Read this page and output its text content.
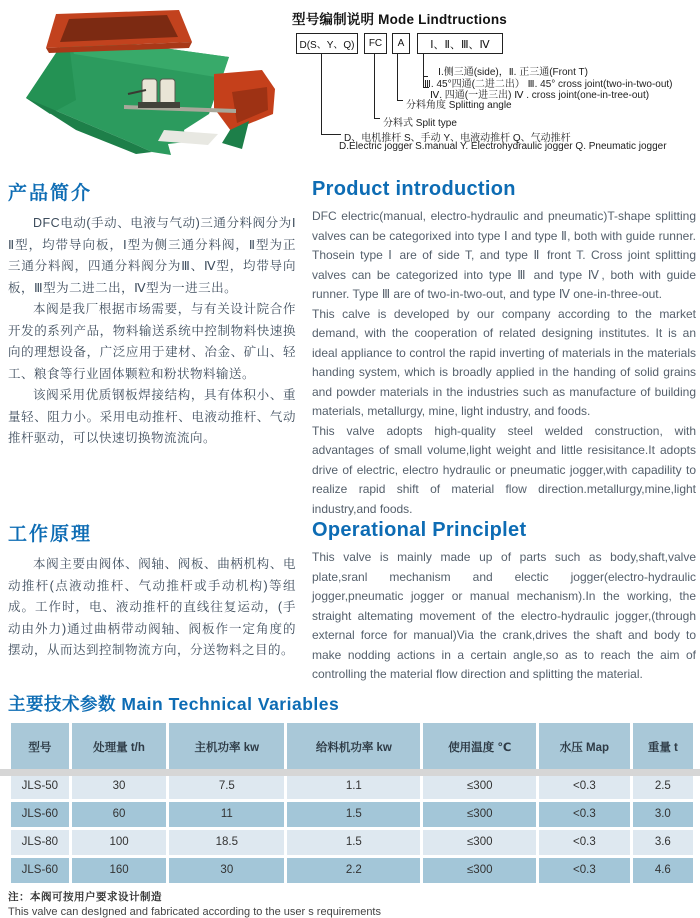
型号编制说明 Mode Lindtructions
D(S、Y、Q)	FC	A	Ⅰ、Ⅱ、Ⅲ、Ⅳ
Ⅰ.侧三通(side)，Ⅱ. 正三通(Front T)
Ⅲ. 45°四通(二进二出） Ⅲ. 45° cross joint(two-in-two-out)
Ⅳ. 四通(一进三出) Ⅳ . cross joint(one-in-tree-out)
分料角度 Splitting angle
分料式 Split type
D、电机推杆 S、手动 Y、电液动推杆 Q、气动推杆
D.Electric jogger S.manual Y. Electrohydraulic jogger Q. Pneumatic jogger
产品简介

DFC电动(手动、电液与气动)三通分料阀分为Ⅰ Ⅱ型，均带导向板，Ⅰ型为侧三通分料阀，Ⅱ型为正三通分料阀，四通分料阀分为Ⅲ、Ⅳ型，均带导向板，Ⅲ型为二进二出，Ⅳ型为一进三出。

本阀是我厂根据市场需要，与有关设计院合作开发的系列产品，物料输送系统中控制物料快速换向的理想设备，广泛应用于建材、冶金、矿山、轻工、粮食等行业固体颗粒和粉状物料输送。

该阀采用优质钢板焊接结构，具有体积小、重量轻、阻力小。采用电动推杆、电液动推杆、气动推杆驱动，可以快速切换物流流向。

Product introduction

DFC electric(manual, electro-hydraulic and pneumatic)T-shape splitting valves can be categorixed into type Ⅰ and type Ⅱ, both with guide runner. Thosein type Ⅰ are of side T, and type Ⅱ front T. Cross joint splitting valves can be categorized into type Ⅲ and type Ⅳ, both with guide runner. Type Ⅲ are of two-in-two-out, and type Ⅳ one-in-three-out.

This calve is developed by our company according to the market demand, with the cooperation of related designing institutes. It is an ideal appliance to control the rapid inverting of materials in the materials handing system, which is broadly applied in the handing of solid grains and powder materials in the industries such as manufacture of building materials, metallurgy, mine, light industry, and foods.

This valve adopts high-quality steel welded construction, with advantages of small volume,light weight and little resisitance.It adopts drive of electric, electro hydraulic or pneumatic jogger,with capadility to realize rapid shift of material flow direction.metallurgy,mine,light industry,and foods.

工作原理

本阀主要由阀体、阀轴、阀板、曲柄机构、电动推杆(点液动推杆、气动推杆或手动机构)等组成。工作时，电、液动推杆的直线往复运动，(手动由外力)通过曲柄带动阀轴、阀板作一定角度的摆动，从而达到控制物流方向，分送物料之目的。

Operational Principlet

This valve is mainly made up of parts such as body,shaft,valve plate,sranl mechanism and electic jogger(electro-hydraulic jogger,pneumatic jogger or manual mechanism).In the working, the straight altemating movement of the electro-hydraulic jogger,(through external force for manual)Via the crank,drives the shaft and body to make nodding actions in a certain angle,so as to reach the aim of controlling the material flow direction and splitting the material.

主要技术参数 Main Technical Variables
型号	处理量 t/h	主机功率 kw	给料机功率 kw	使用温度 ℃	水压 Map	重量 t
JLS-50	30	7.5	1.1	≤300	<0.3	2.5
JLS-60	60	11	1.5	≤300	<0.3	3.0
JLS-80	100	18.5	1.5	≤300	<0.3	3.6
JLS-60	160	30	2.2	≤300	<0.3	4.6
注：本阀可按用户要求设计制造
This valve can desIgned and fabricated according to the user s requirements
